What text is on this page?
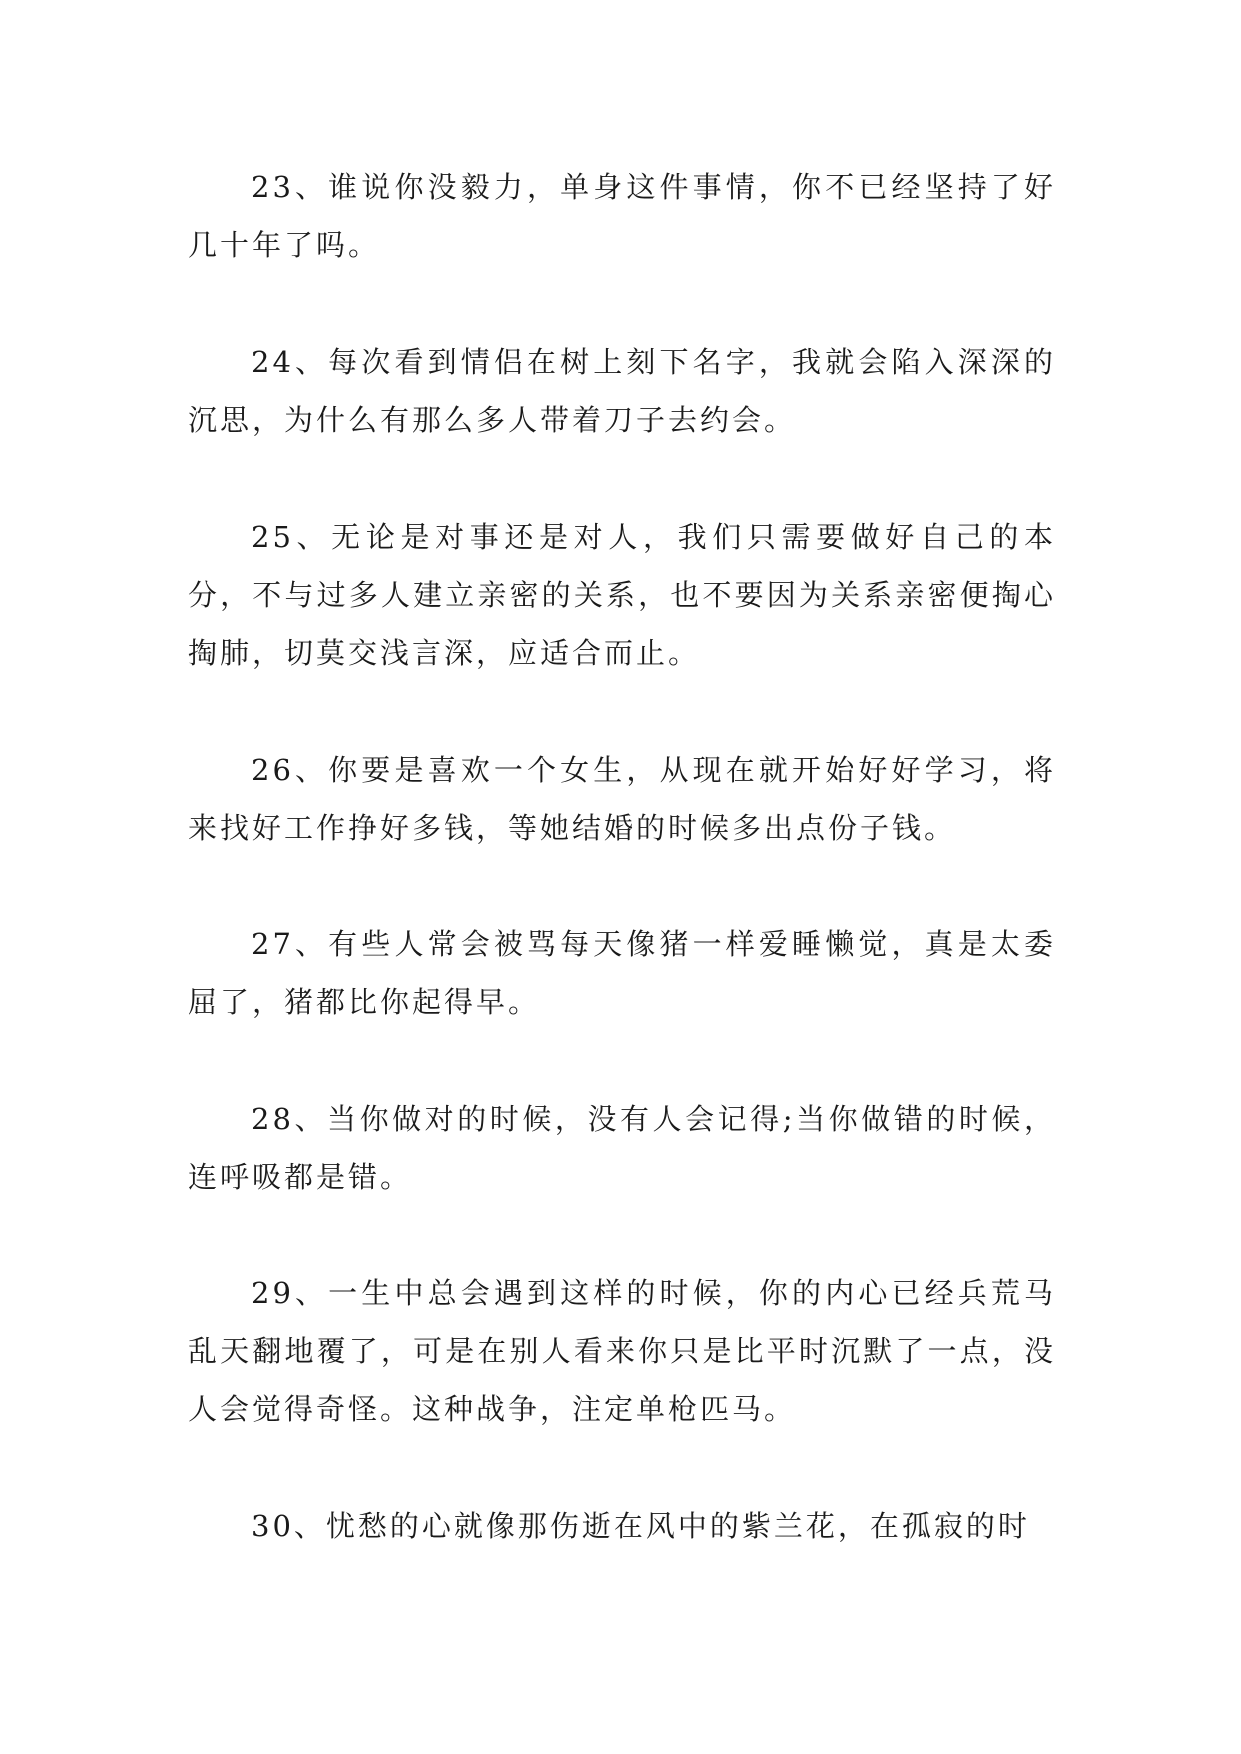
23、谁说你没毅力，单身这件事情，你不已经坚持了好几十年了吗。

24、每次看到情侣在树上刻下名字，我就会陷入深深的沉思，为什么有那么多人带着刀子去约会。

25、无论是对事还是对人，我们只需要做好自己的本分，不与过多人建立亲密的关系，也不要因为关系亲密便掏心掏肺，切莫交浅言深，应适合而止。

26、你要是喜欢一个女生，从现在就开始好好学习，将来找好工作挣好多钱，等她结婚的时候多出点份子钱。

27、有些人常会被骂每天像猪一样爱睡懒觉，真是太委屈了，猪都比你起得早。

28、当你做对的时候，没有人会记得;当你做错的时候，连呼吸都是错。

29、一生中总会遇到这样的时候，你的内心已经兵荒马乱天翻地覆了，可是在别人看来你只是比平时沉默了一点，没人会觉得奇怪。这种战争，注定单枪匹马。

30、忧愁的心就像那伤逝在风中的紫兰花，在孤寂的时
